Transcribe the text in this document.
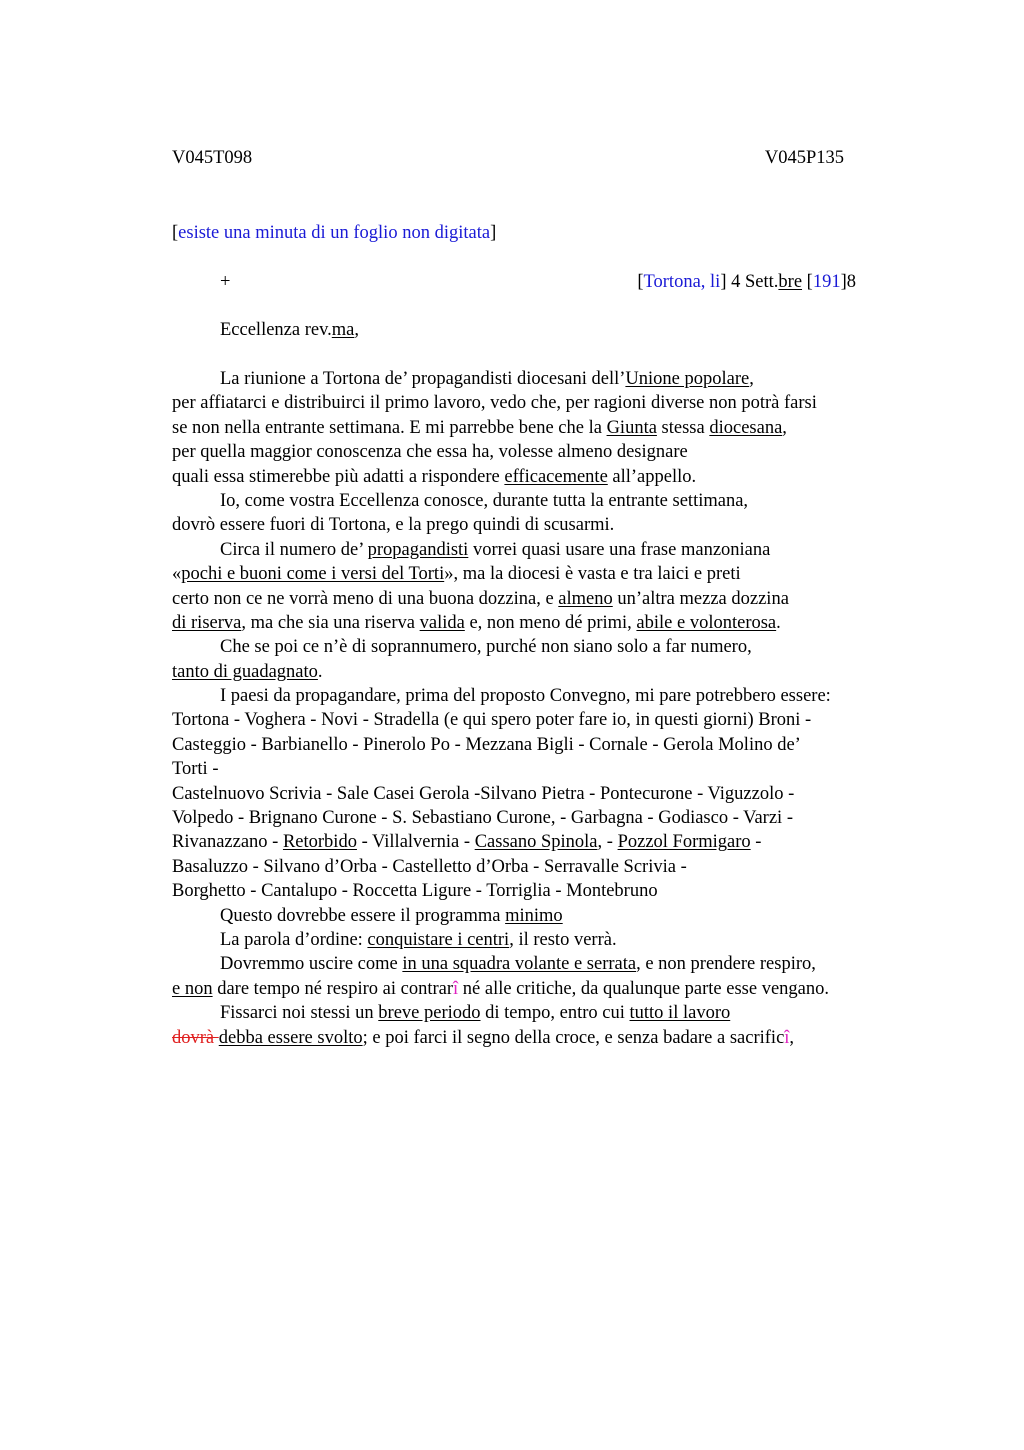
V045T098	V045P135
[esiste una minuta di un foglio non digitata]
+	[Tortona, li] 4 Sett.bre [191]8
Eccellenza rev.ma,
La riunione a Tortona de’ propagandisti diocesani dell’Unione popolare,
per affiatarci e distribuirci il primo lavoro, vedo che, per ragioni diverse non potrà farsi
se non nella entrante settimana. E mi parrebbe bene che la Giunta stessa diocesana,
per quella maggior conoscenza che essa ha, volesse almeno designare
quali essa stimerebbe più adatti a rispondere efficacemente all’appello.
Io, come vostra Eccellenza conosce, durante tutta la entrante settimana,
dovrò essere fuori di Tortona, e la prego quindi di scusarmi.
Circa il numero de’ propagandisti vorrei quasi usare una frase manzoniana
«pochi e buoni come i versi del Torti», ma la diocesi è vasta e tra laici e preti
certo non ce ne vorrà meno di una buona dozzina, e almeno un’altra mezza dozzina
di riserva, ma che sia una riserva valida e, non meno dé primi, abile e volonterosa.
Che se poi ce n’è di soprannumero, purché non siano solo a far numero,
tanto di guadagnato.
I paesi da propagandare, prima del proposto Convegno, mi pare potrebbero essere:
Tortona - Voghera - Novi - Stradella (e qui spero poter fare io, in questi giorni) Broni -
Casteggio - Barbianello - Pinerolo Po - Mezzana Bigli - Cornale - Gerola Molino de’
Torti -
Castelnuovo Scrivia - Sale Casei Gerola -Silvano Pietra - Pontecurone - Viguzzolo -
Volpedo - Brignano Curone - S. Sebastiano Curone, - Garbagna - Godiasco - Varzi -
Rivanazzano - Retorbido - Villalvernia - Cassano Spinola, - Pozzol Formigaro -
Basaluzzo - Silvano d’Orba - Castelletto d’Orba - Serravalle Scrivia -
Borghetto - Cantalupo - Roccetta Ligure - Torriglia - Montebruno
Questo dovrebbe essere il programma minimo
La parola d’ordine: conquistare i centri, il resto verrà.
Dovremmo uscire come in una squadra volante e serrata, e non prendere respiro,
e non dare tempo né respiro ai contrarî né alle critiche, da qualunque parte esse vengano.
Fissarci noi stessi un breve periodo di tempo, entro cui tutto il lavoro
dovrà debba essere svolto; e poi farci il segno della croce, e senza badare a sacrificî,
